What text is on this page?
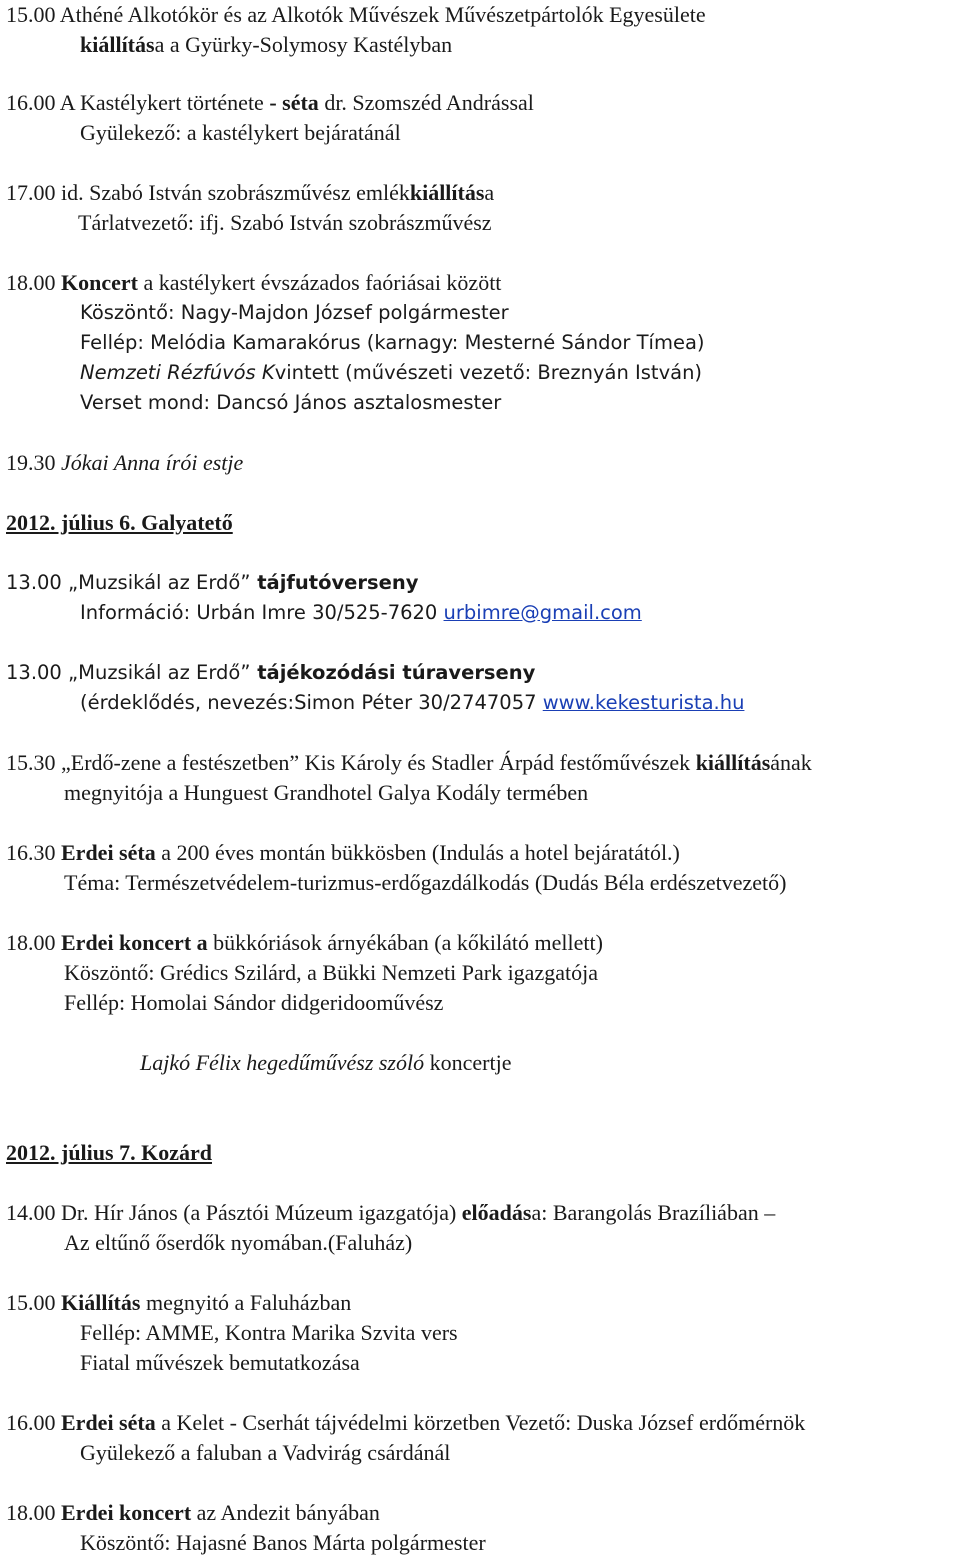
15.00 Athéné Alkotókör és az Alkotók Művészek Művészetpártolók Egyesülete
kiállítása a Gyürky-Solymosy Kastélyban
16.00 A Kastélykert története - séta dr. Szomszéd Andrással
Gyülekező: a kastélykert bejáratánál
17.00 id. Szabó István szobrászművész emlékkiállítása
Tárlatvezető: ifj. Szabó István szobrászművész
18.00 Koncert a kastélykert évszázados faóriásai között
Köszöntő: Nagy-Majdon József polgármester
Fellép: Melódia Kamarakórus (karnagy: Mesterné Sándor Tímea)
Nemzeti Rézfúvós Kvintett (művészeti vezető: Breznyán István)
Verset mond: Dancsó János asztalosmester
19.30 Jókai Anna írói estje
2012. július 6. Galyatető
13.00 „Muzsikál az Erdő” tájfutóverseny
Információ: Urbán Imre 30/525-7620 urbimre@gmail.com
13.00 „Muzsikál az Erdő” tájékozódási túraverseny
(érdeklődés, nevezés:Simon Péter 30/2747057 www.kekesturista.hu
15.30 „Erdő-zene a festészetben” Kis Károly és Stadler Árpád festőművészek kiállításának
megnyitója a Hunguest Grandhotel Galya Kodály termében
16.30 Erdei séta a 200 éves montán bükkösben (Indulás a hotel bejáratától.)
Téma: Természetvédelem-turizmus-erdőgazdálkodás (Dudás Béla erdészetvezető)
18.00 Erdei koncert a bükkóriások árnyékában (a kőkilátó mellett)
Köszöntő: Grédics Szilárd, a Bükki Nemzeti Park igazgatója
Fellép: Homolai Sándor didgeridooművész
Lajkó Félix hegedűművész szóló koncertje
2012. július 7. Kozárd
14.00 Dr. Hír János (a Pásztói Múzeum igazgatója) előadása: Barangolás Brazíliában –
Az eltűnő őserdők nyomában.(Faluház)
15.00 Kiállítás megnyitó a Faluházban
Fellép: AMME, Kontra Marika Szvita vers
Fiatal művészek bemutatkozása
16.00 Erdei séta a Kelet - Cserhát tájvédelmi körzetben Vezető: Duska József erdőmérnök
Gyülekező a faluban a Vadvirág csárdánál
18.00 Erdei koncert az Andezit bányában
Köszöntő: Hajasné Banos Márta polgármester
